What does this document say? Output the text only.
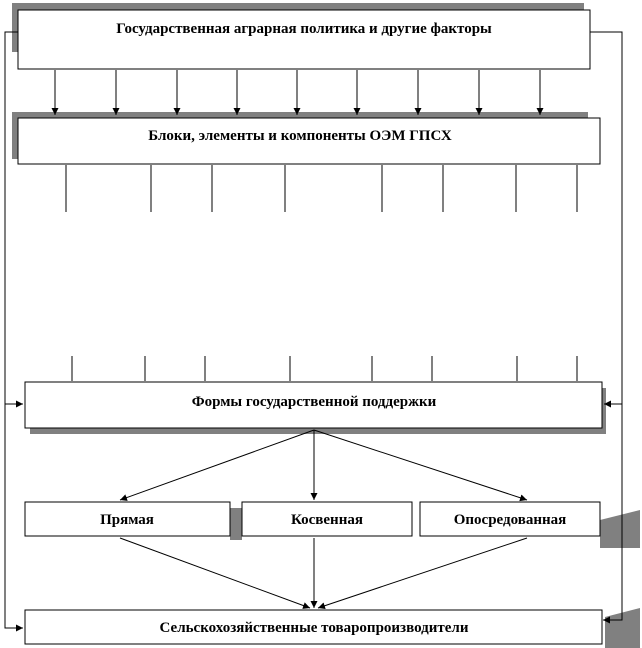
Государственная аграрная политика и другие факторы
Блоки, элементы и компоненты ОЭМ ГПСХ
Формы государственной поддержки
Прямая	Косвенная	Опосредованная
Сельскохозяйственные товаропроизводители
